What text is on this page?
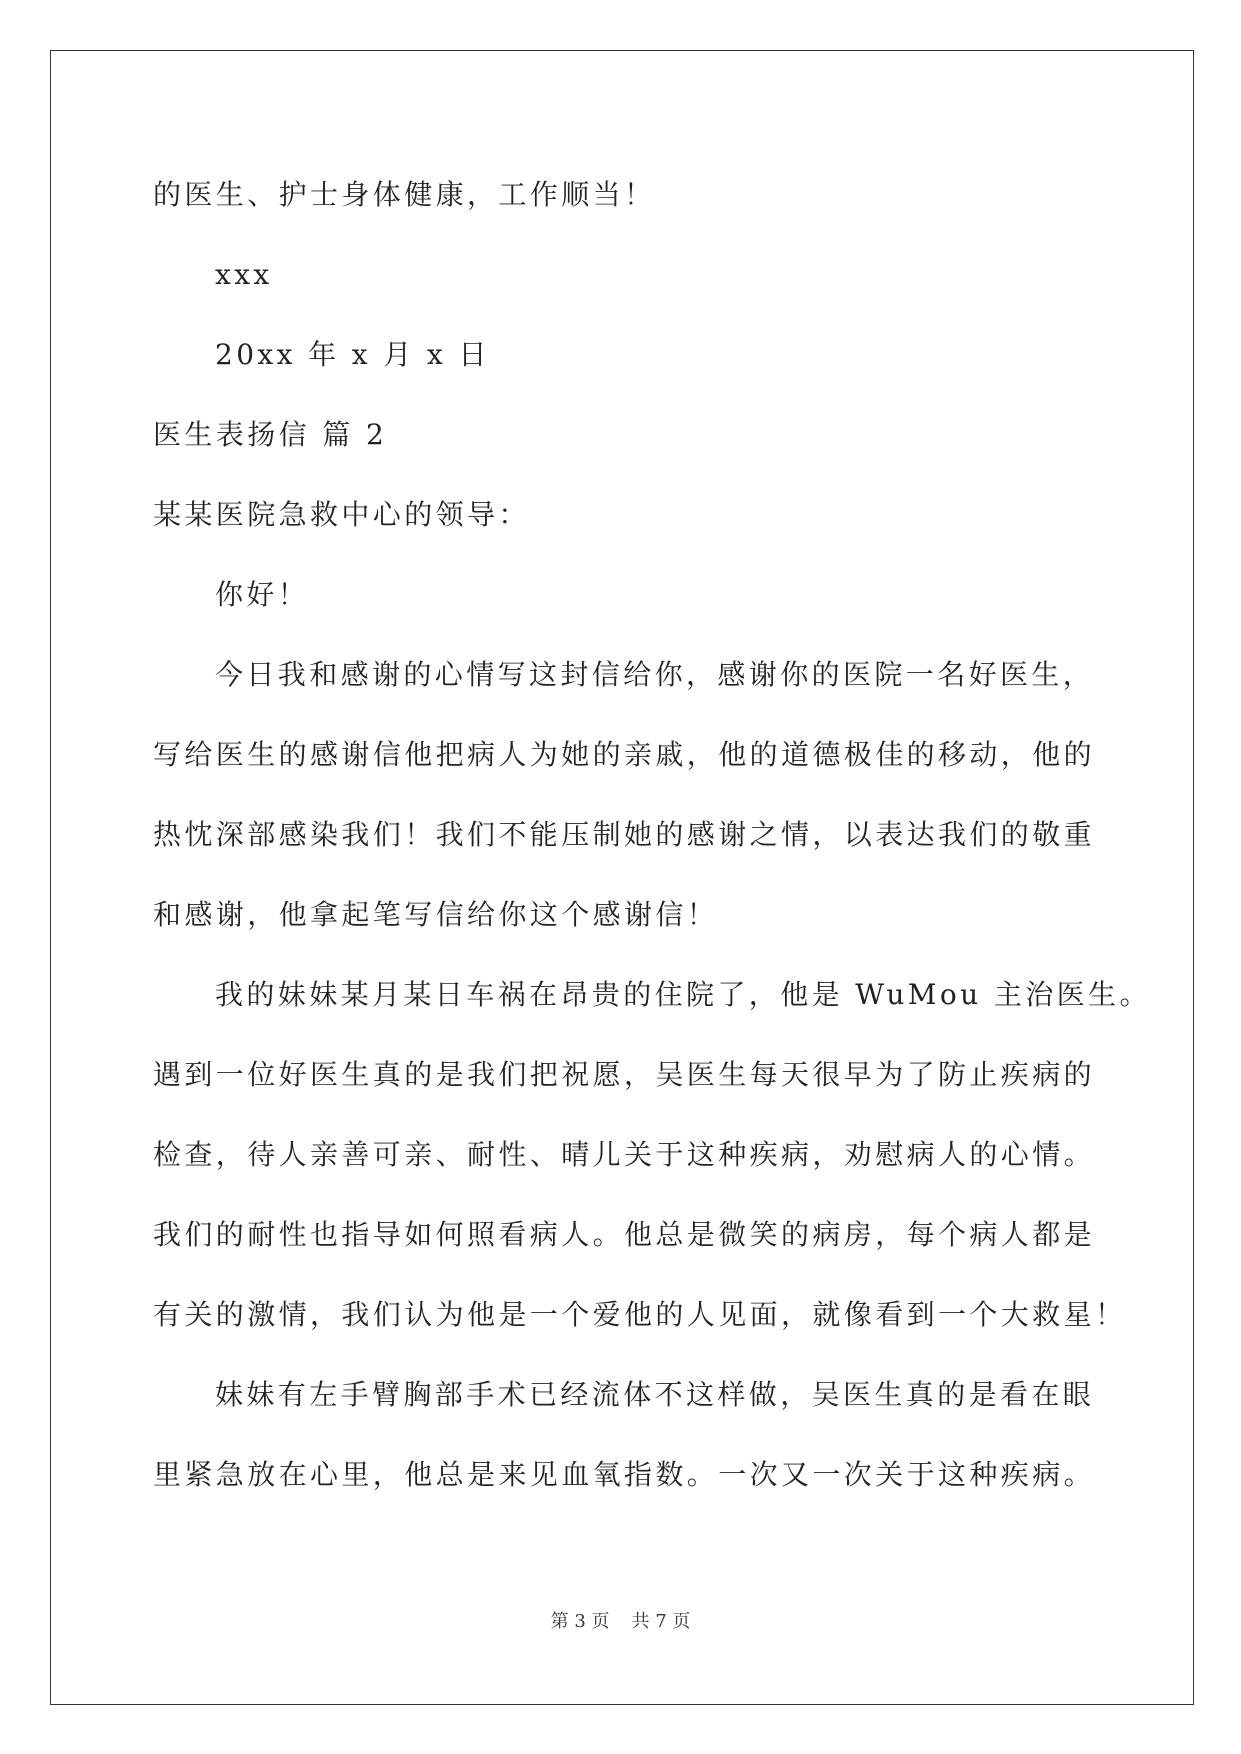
的医生、护士身体健康，工作顺当！
xxx
20xx 年 x 月 x 日
医生表扬信 篇 2
某某医院急救中心的领导：
你好！
今日我和感谢的心情写这封信给你，感谢你的医院一名好医生，
写给医生的感谢信他把病人为她的亲戚，他的道德极佳的移动，他的
热忱深部感染我们！我们不能压制她的感谢之情，以表达我们的敬重
和感谢，他拿起笔写信给你这个感谢信！
我的妹妹某月某日车祸在昂贵的住院了，他是 WuMou 主治医生。
遇到一位好医生真的是我们把祝愿，吴医生每天很早为了防止疾病的
检查，待人亲善可亲、耐性、晴儿关于这种疾病，劝慰病人的心情。
我们的耐性也指导如何照看病人。他总是微笑的病房，每个病人都是
有关的激情，我们认为他是一个爱他的人见面，就像看到一个大救星！
妹妹有左手臂胸部手术已经流体不这样做，吴医生真的是看在眼
里紧急放在心里，他总是来见血氧指数。一次又一次关于这种疾病。
第 3 页 共 7 页
